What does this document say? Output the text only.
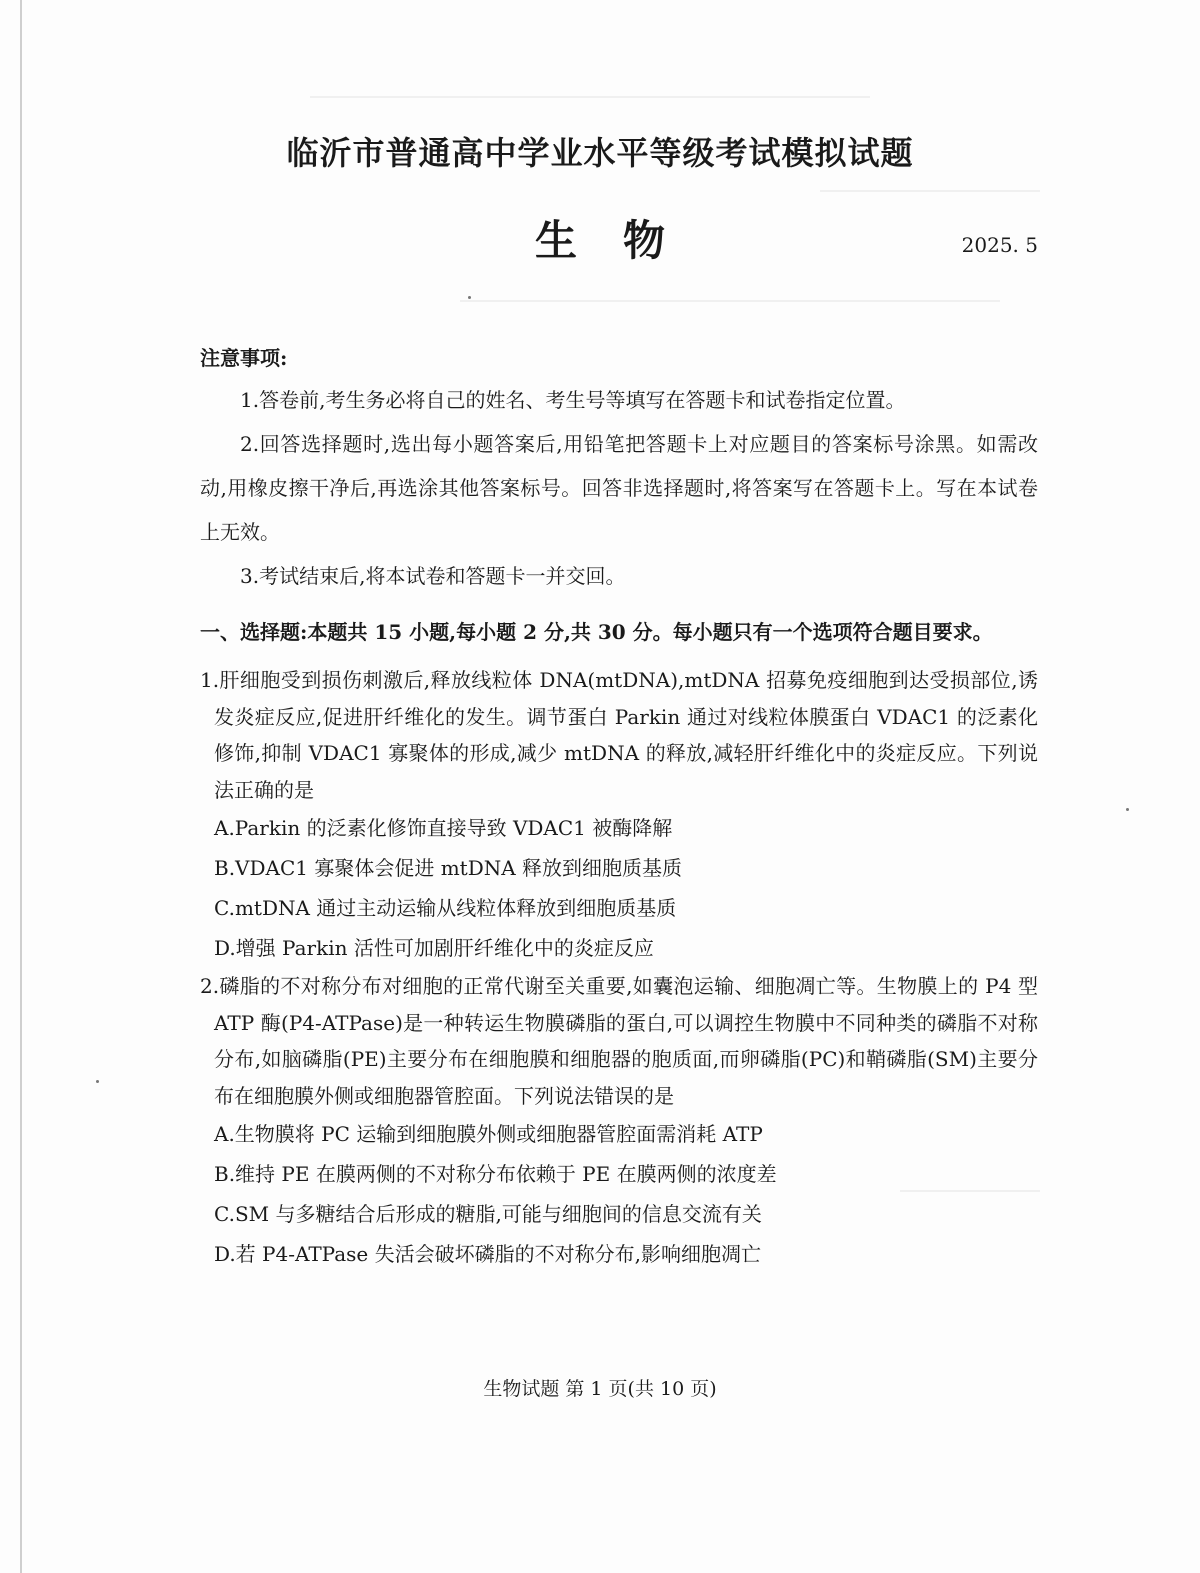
临沂市普通高中学业水平等级考试模拟试题
生物	2025. 5
注意事项:
1.答卷前,考生务必将自己的姓名、考生号等填写在答题卡和试卷指定位置。
2.回答选择题时,选出每小题答案后,用铅笔把答题卡上对应题目的答案标号涂黑。如需改动,用橡皮擦干净后,再选涂其他答案标号。回答非选择题时,将答案写在答题卡上。写在本试卷上无效。
3.考试结束后,将本试卷和答题卡一并交回。
一、选择题:本题共 15 小题,每小题 2 分,共 30 分。每小题只有一个选项符合题目要求。
1.肝细胞受到损伤刺激后,释放线粒体 DNA(mtDNA),mtDNA 招募免疫细胞到达受损部位,诱发炎症反应,促进肝纤维化的发生。调节蛋白 Parkin 通过对线粒体膜蛋白 VDAC1 的泛素化修饰,抑制 VDAC1 寡聚体的形成,减少 mtDNA 的释放,减轻肝纤维化中的炎症反应。下列说法正确的是
A.Parkin 的泛素化修饰直接导致 VDAC1 被酶降解
B.VDAC1 寡聚体会促进 mtDNA 释放到细胞质基质
C.mtDNA 通过主动运输从线粒体释放到细胞质基质
D.增强 Parkin 活性可加剧肝纤维化中的炎症反应
2.磷脂的不对称分布对细胞的正常代谢至关重要,如囊泡运输、细胞凋亡等。生物膜上的 P4 型 ATP 酶(P4-ATPase)是一种转运生物膜磷脂的蛋白,可以调控生物膜中不同种类的磷脂不对称分布,如脑磷脂(PE)主要分布在细胞膜和细胞器的胞质面,而卵磷脂(PC)和鞘磷脂(SM)主要分布在细胞膜外侧或细胞器管腔面。下列说法错误的是
A.生物膜将 PC 运输到细胞膜外侧或细胞器管腔面需消耗 ATP
B.维持 PE 在膜两侧的不对称分布依赖于 PE 在膜两侧的浓度差
C.SM 与多糖结合后形成的糖脂,可能与细胞间的信息交流有关
D.若 P4-ATPase 失活会破坏磷脂的不对称分布,影响细胞凋亡
生物试题 第 1 页(共 10 页)
